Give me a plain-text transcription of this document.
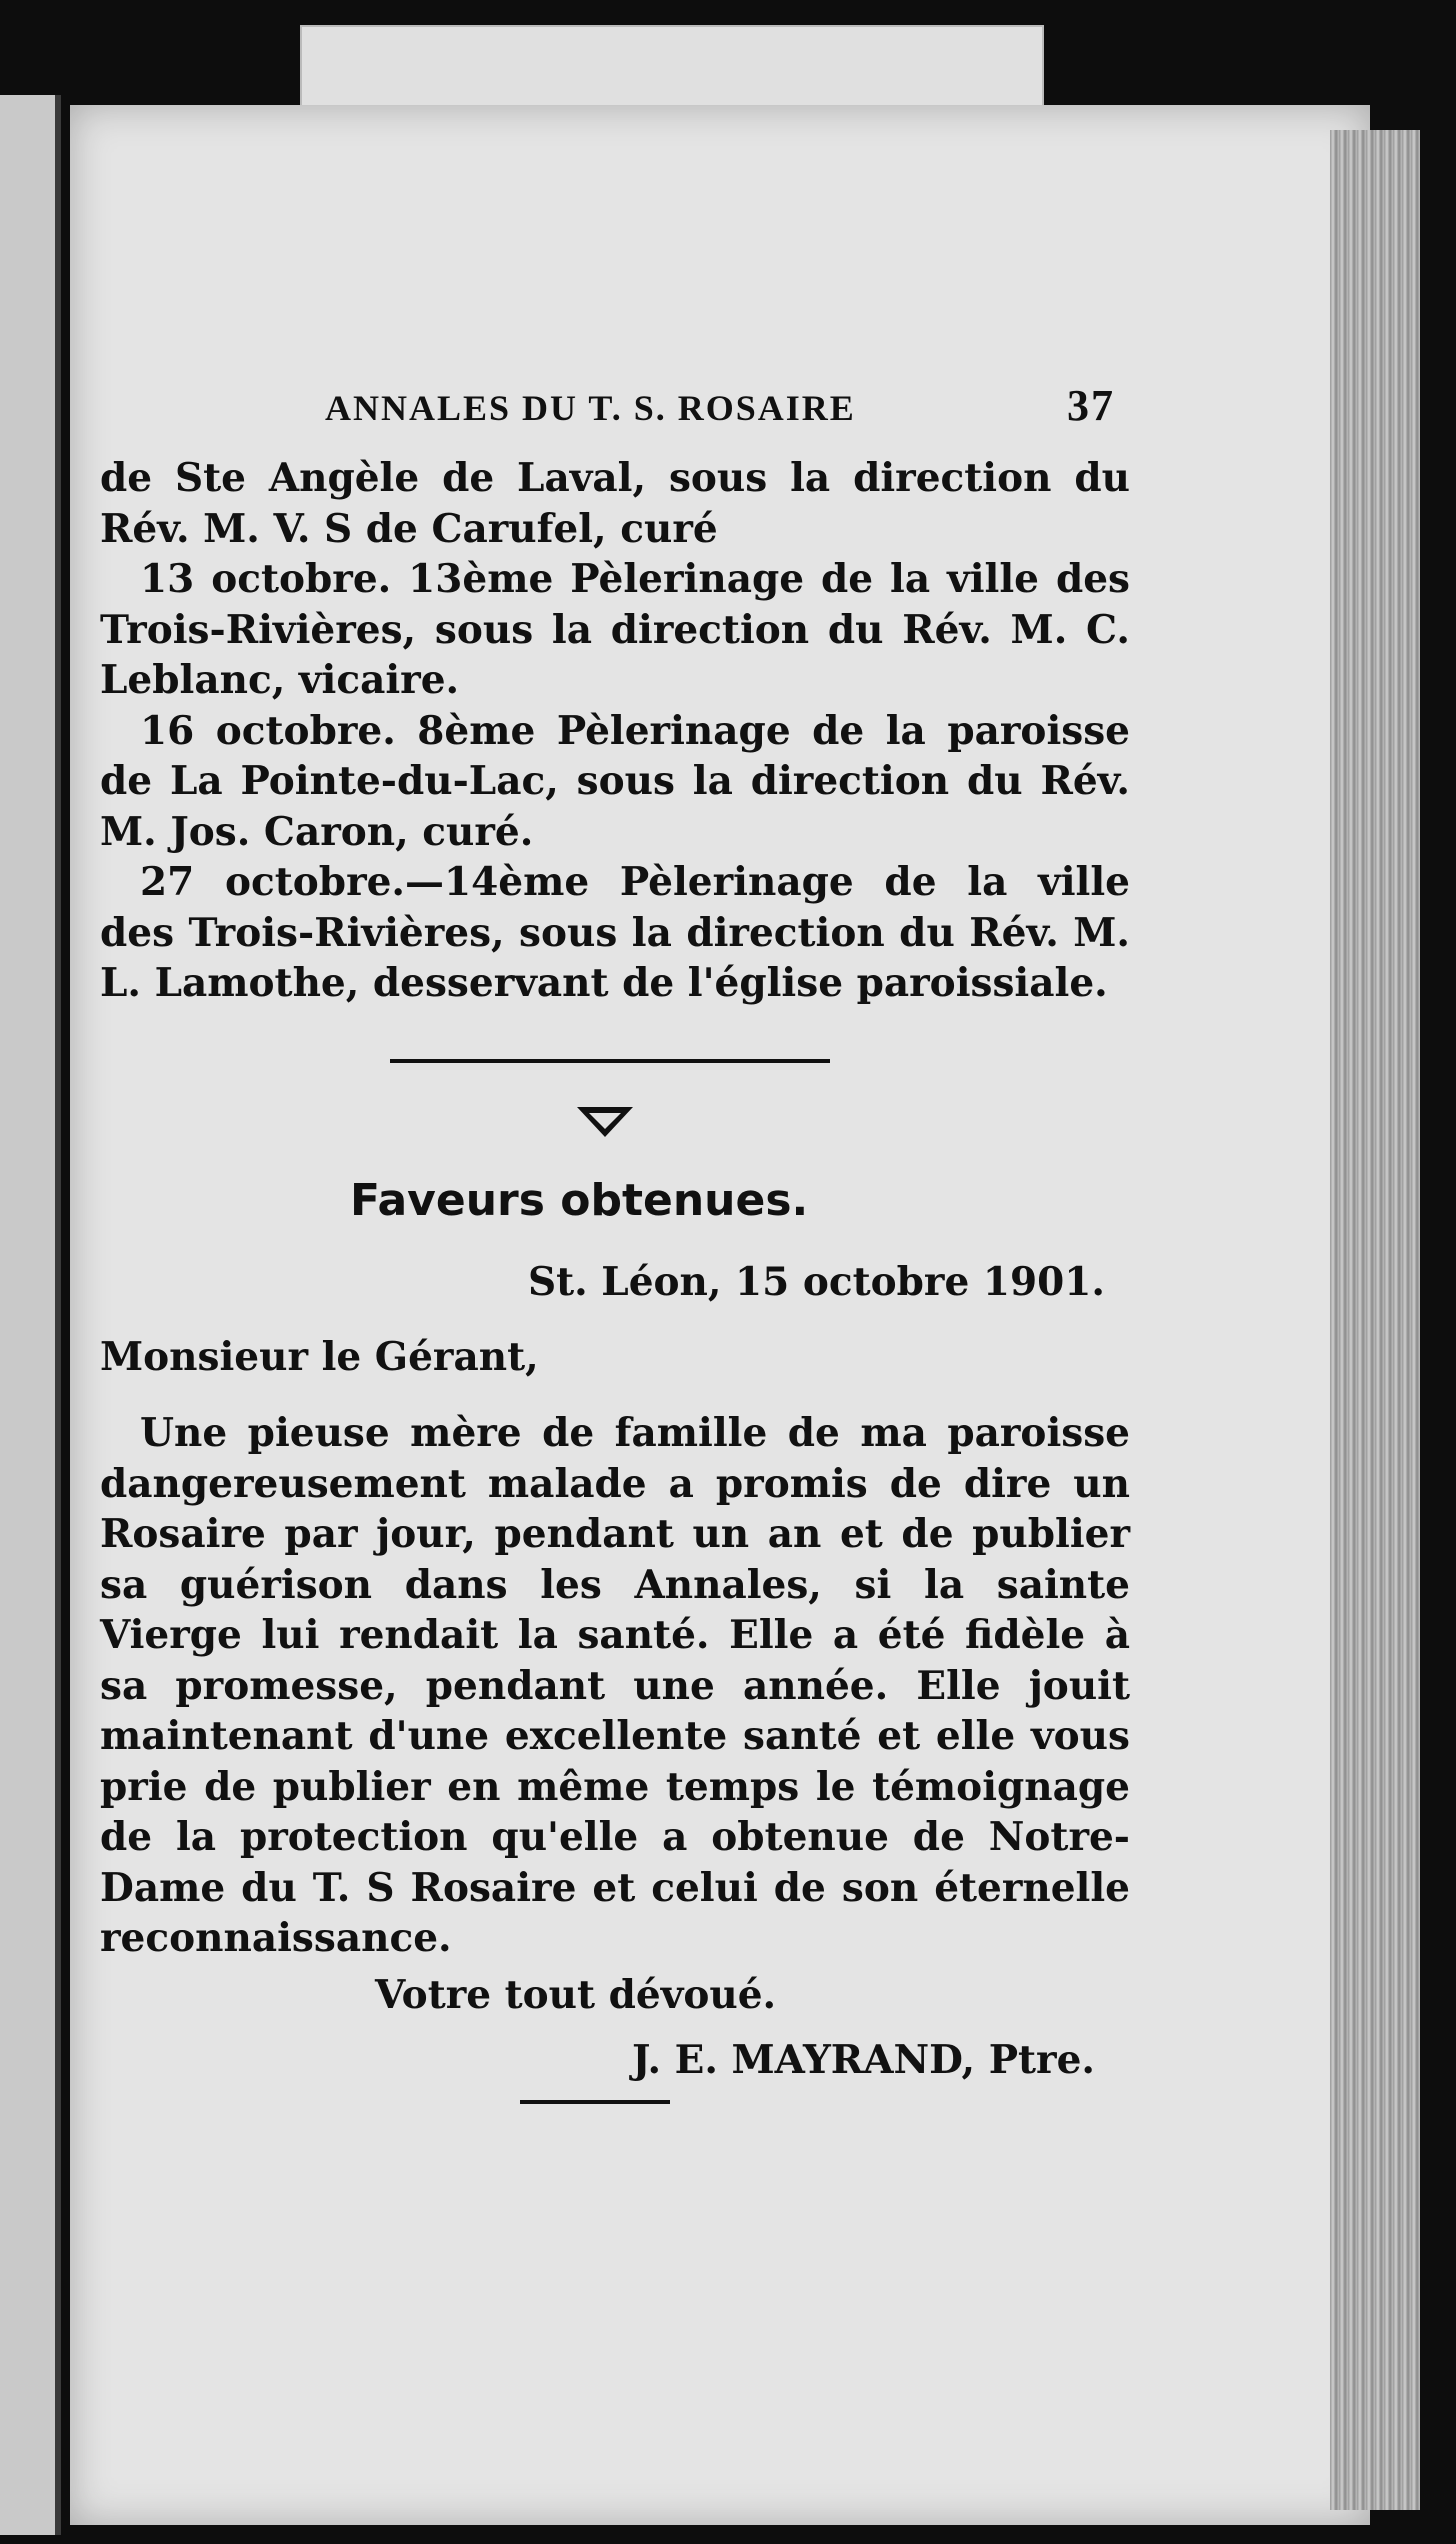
ANNALES DU T. S. ROSAIRE	37

de Ste Angèle de Laval, sous la direction du Rév. M. V. S de Carufel, curé

13 octobre. 13ème Pèlerinage de la ville des Trois-Rivières, sous la direction du Rév. M. C. Leblanc, vicaire.

16 octobre. 8ème Pèlerinage de la paroisse de La Pointe-du-Lac, sous la direction du Rév. M. Jos. Caron, curé.

27 octobre.—14ème Pèlerinage de la ville des Trois-Rivières, sous la direction du Rév. M. L. Lamothe, desservant de l'église paroissiale.

Faveurs obtenues.
St. Léon, 15 octobre 1901.

Monsieur le Gérant,

Une pieuse mère de famille de ma paroisse dangereusement malade a promis de dire un Rosaire par jour, pendant un an et de publier sa guérison dans les Annales, si la sainte Vierge lui rendait la santé. Elle a été fidèle à sa promesse, pendant une année. Elle jouit maintenant d'une excellente santé et elle vous prie de publier en même temps le témoignage de la protection qu'elle a obtenue de Notre-Dame du T. S Rosaire et celui de son éternelle reconnaissance.

Votre tout dévoué.

J. E. MAYRAND, Ptre.
